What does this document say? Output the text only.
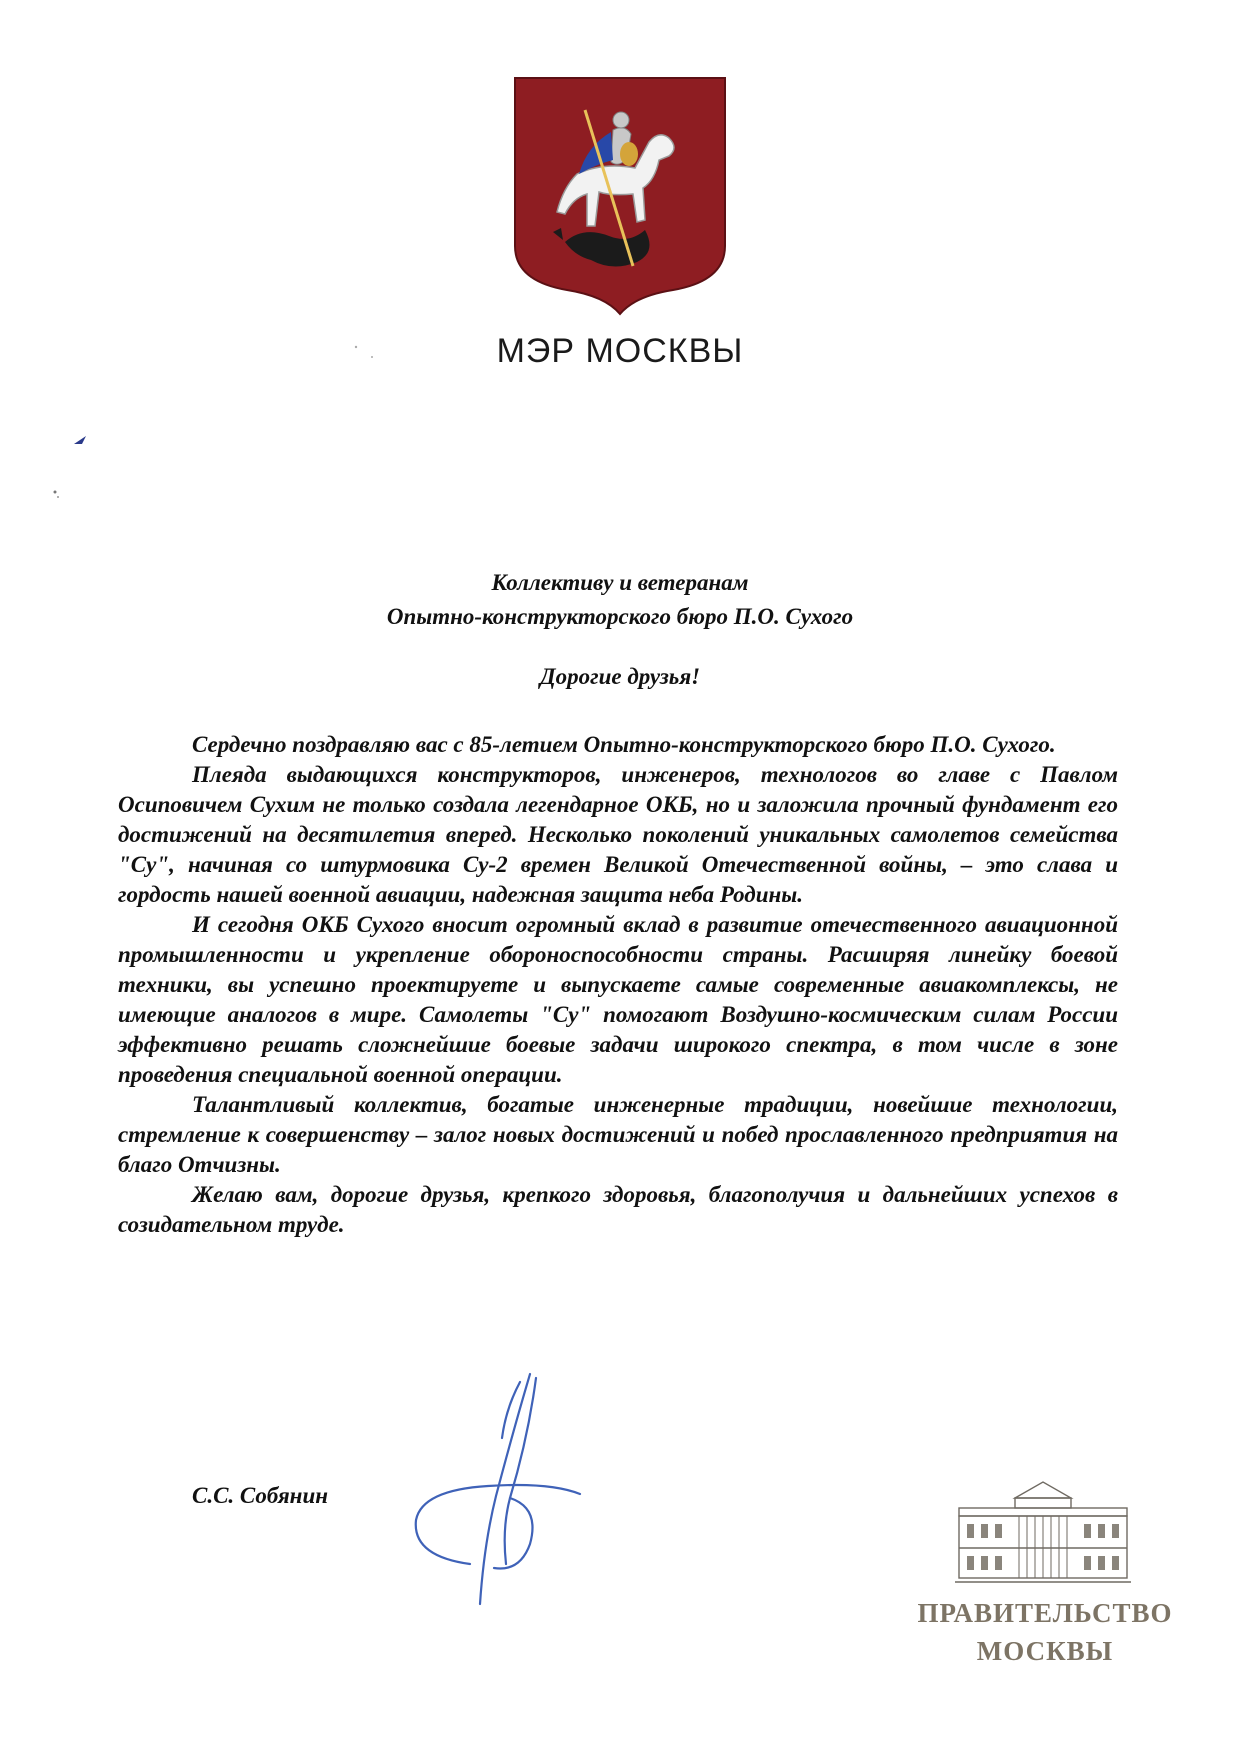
МЭР МОСКВЫ
Коллективу и ветеранам
Опытно-конструкторского бюро П.О. Сухого
Дорогие друзья!

Сердечно поздравляю вас с 85-летием Опытно-конструкторского бюро П.О. Сухого.

Плеяда выдающихся конструкторов, инженеров, технологов во главе с Павлом Осиповичем Сухим не только создала легендарное ОКБ, но и заложила прочный фундамент его достижений на десятилетия вперед. Несколько поколений уникальных самолетов семейства "Су", начиная со штурмовика Су-2 времен Великой Отечественной войны, – это слава и гордость нашей военной авиации, надежная защита неба Родины.

И сегодня ОКБ Сухого вносит огромный вклад в развитие отечественного авиационной промышленности и укрепление обороноспособности страны. Расширяя линейку боевой техники, вы успешно проектируете и выпускаете самые современные авиакомплексы, не имеющие аналогов в мире. Самолеты "Су" помогают Воздушно-космическим силам России эффективно решать сложнейшие боевые задачи широкого спектра, в том числе в зоне проведения специальной военной операции.

Талантливый коллектив, богатые инженерные традиции, новейшие технологии, стремление к совершенству – залог новых достижений и побед прославленного предприятия на благо Отчизны.

Желаю вам, дорогие друзья, крепкого здоровья, благополучия и дальнейших успехов в созидательном труде.

С.С. Собянин
ПРАВИТЕЛЬСТВО
МОСКВЫ
